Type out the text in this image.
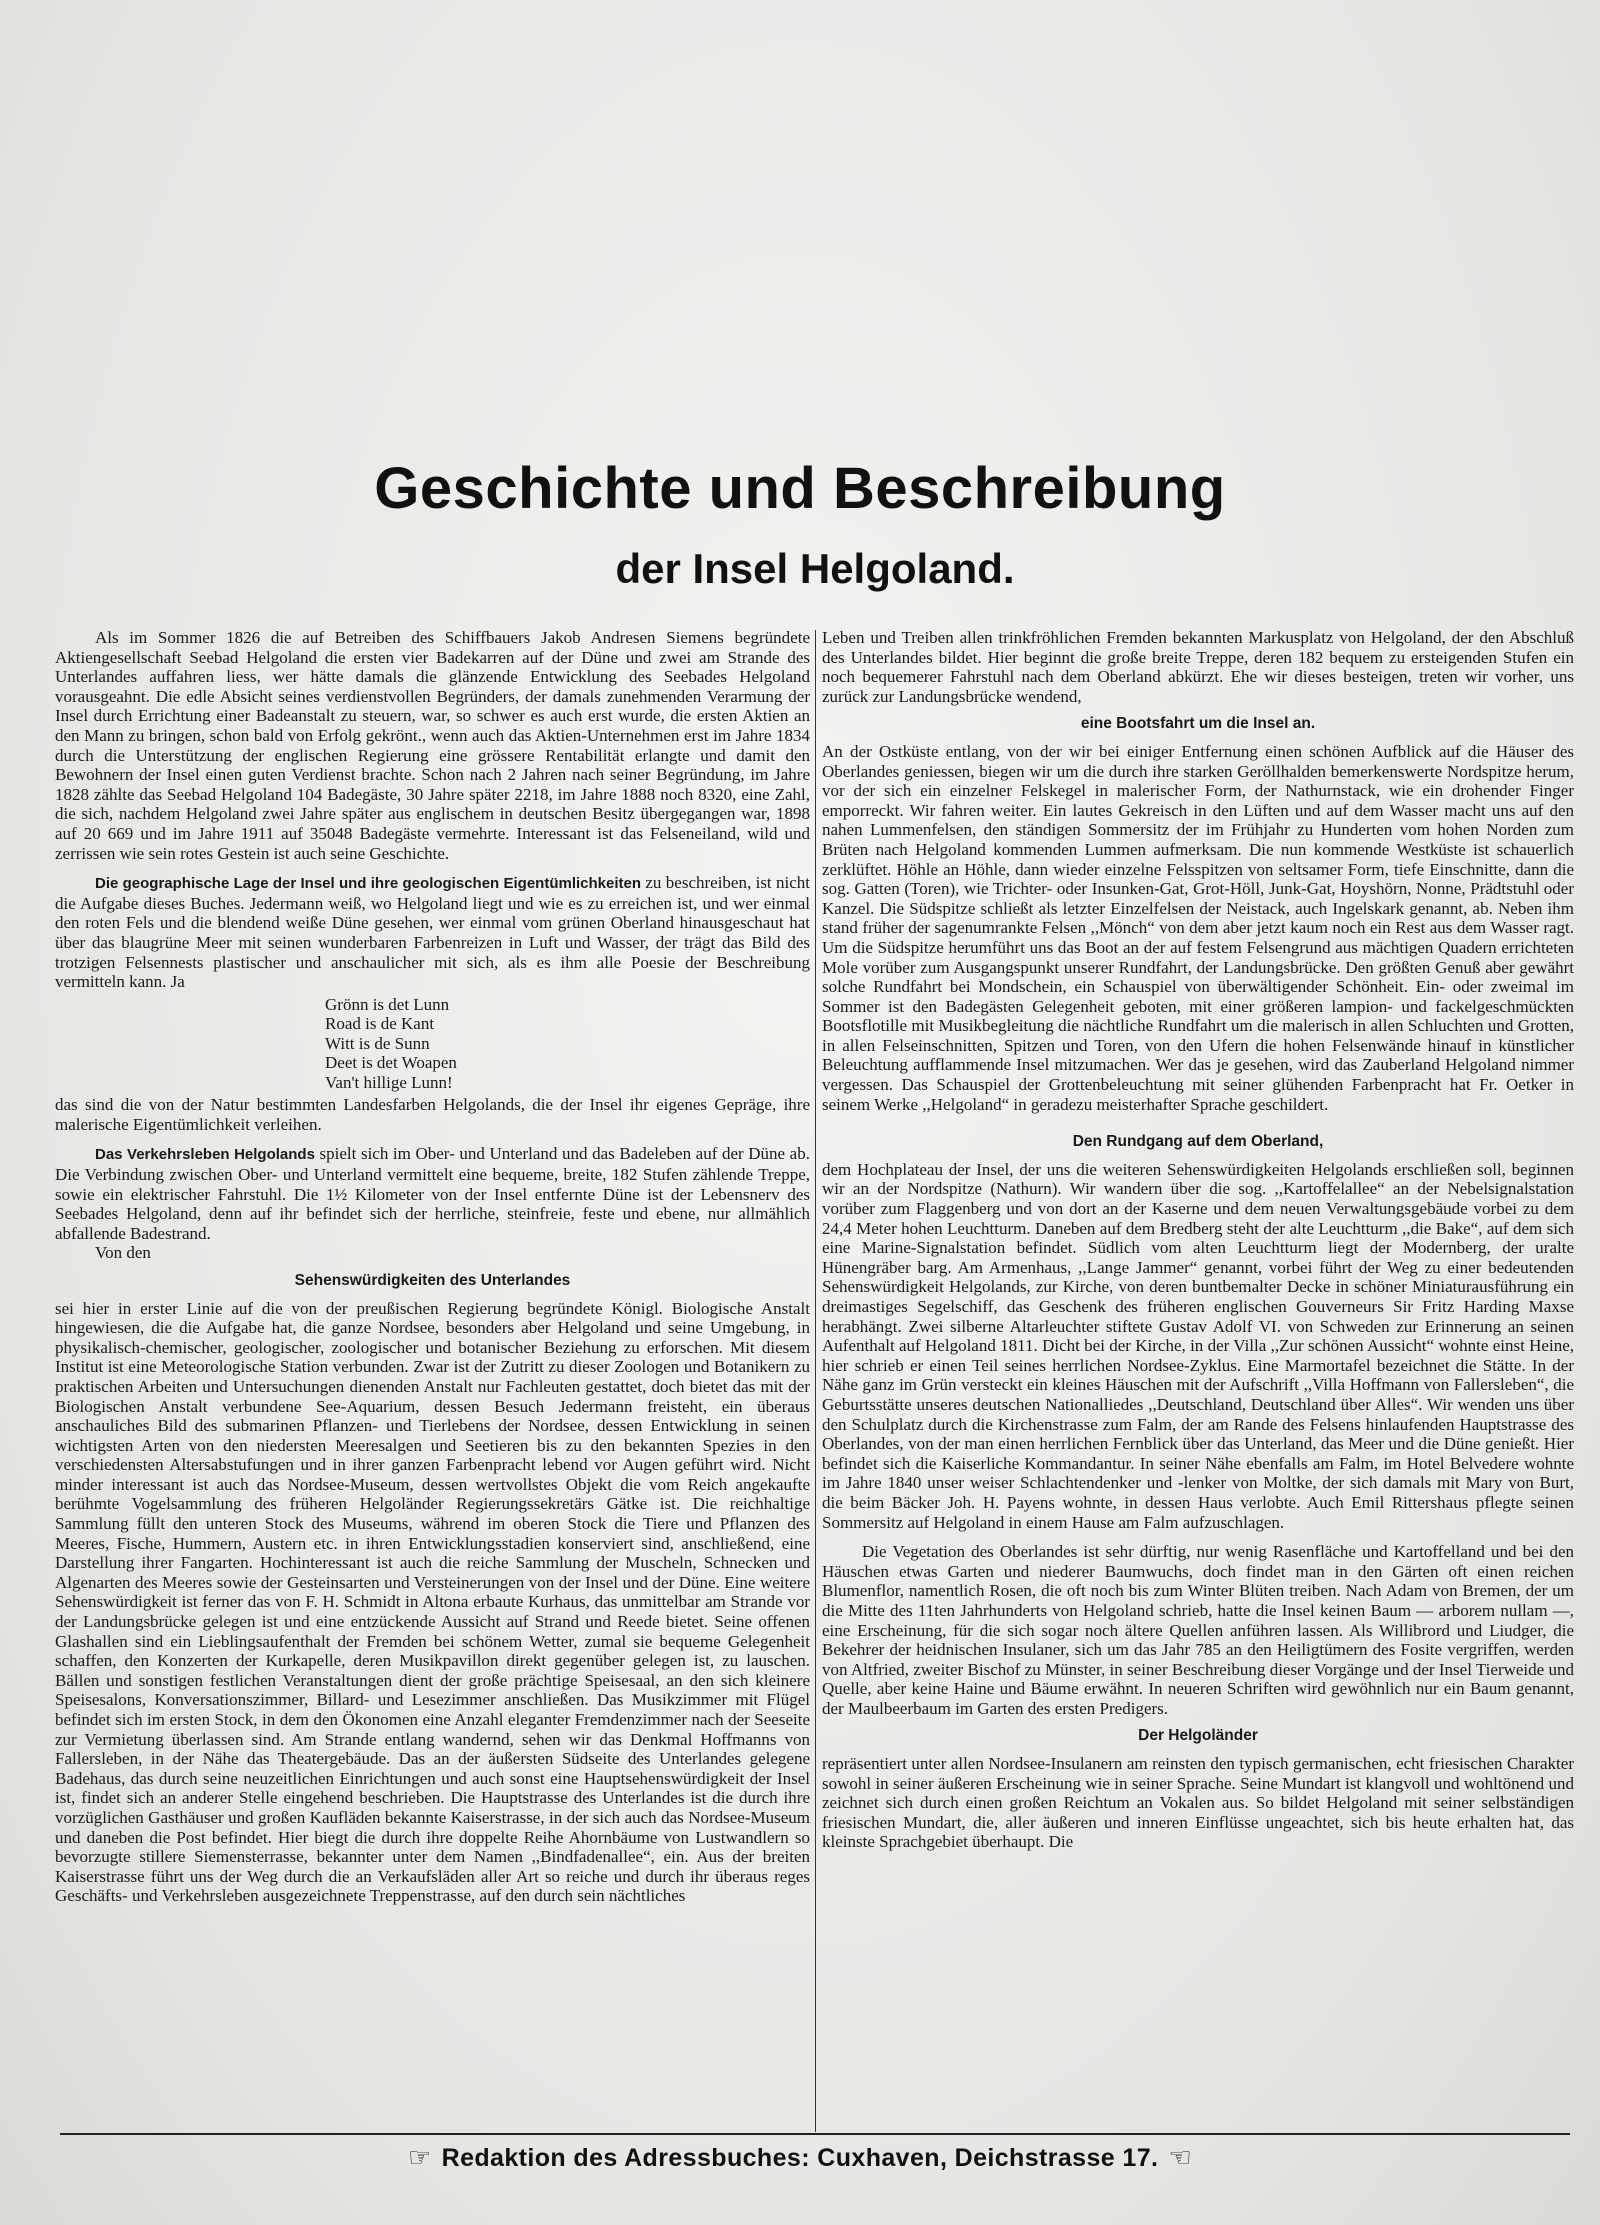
Geschichte und Beschreibung
der Insel Helgoland.

Als im Sommer 1826 die auf Betreiben des Schiffbauers Jakob Andresen Siemens begründete Aktiengesellschaft Seebad Helgoland die ersten vier Badekarren auf der Düne und zwei am Strande des Unterlandes auffahren liess, wer hätte damals die glänzende Entwicklung des Seebades Helgoland vorausgeahnt. Die edle Absicht seines verdienstvollen Begründers, der damals zunehmenden Verarmung der Insel durch Errichtung einer Badeanstalt zu steuern, war, so schwer es auch erst wurde, die ersten Aktien an den Mann zu bringen, schon bald von Erfolg gekrönt., wenn auch das Aktien-Unternehmen erst im Jahre 1834 durch die Unterstützung der englischen Regierung eine grössere Rentabilität erlangte und damit den Bewohnern der Insel einen guten Verdienst brachte. Schon nach 2 Jahren nach seiner Begründung, im Jahre 1828 zählte das Seebad Helgoland 104 Badegäste, 30 Jahre später 2218, im Jahre 1888 noch 8320, eine Zahl, die sich, nachdem Helgoland zwei Jahre später aus englischem in deutschen Besitz übergegangen war, 1898 auf 20 669 und im Jahre 1911 auf 35048 Badegäste vermehrte. Interessant ist das Felseneiland, wild und zerrissen wie sein rotes Gestein ist auch seine Geschichte.

Die geographische Lage der Insel und ihre geologischen Eigentümlichkeiten zu beschreiben, ist nicht die Aufgabe dieses Buches. Jedermann weiß, wo Helgoland liegt und wie es zu erreichen ist, und wer einmal den roten Fels und die blendend weiße Düne gesehen, wer einmal vom grünen Oberland hinausgeschaut hat über das blaugrüne Meer mit seinen wunderbaren Farbenreizen in Luft und Wasser, der trägt das Bild des trotzigen Felsennests plastischer und anschaulicher mit sich, als es ihm alle Poesie der Beschreibung vermitteln kann. Ja

Grönn is det Lunn
Road is de Kant
Witt is de Sunn
Deet is det Woapen
Van't hillige Lunn!

das sind die von der Natur bestimmten Landesfarben Helgolands, die der Insel ihr eigenes Gepräge, ihre malerische Eigentümlichkeit verleihen.

Das Verkehrsleben Helgolands spielt sich im Ober- und Unterland und das Badeleben auf der Düne ab. Die Verbindung zwischen Ober- und Unterland vermittelt eine bequeme, breite, 182 Stufen zählende Treppe, sowie ein elektrischer Fahrstuhl. Die 1½ Kilometer von der Insel entfernte Düne ist der Lebensnerv des Seebades Helgoland, denn auf ihr befindet sich der herrliche, steinfreie, feste und ebene, nur allmählich abfallende Badestrand.

Von den

Sehenswürdigkeiten des Unterlandes

sei hier in erster Linie auf die von der preußischen Regierung begründete Königl. Biologische Anstalt hingewiesen, die die Aufgabe hat, die ganze Nordsee, besonders aber Helgoland und seine Umgebung, in physikalisch-chemischer, geologischer, zoologischer und botanischer Beziehung zu erforschen. Mit diesem Institut ist eine Meteorologische Station verbunden. Zwar ist der Zutritt zu dieser Zoologen und Botanikern zu praktischen Arbeiten und Untersuchungen dienenden Anstalt nur Fachleuten gestattet, doch bietet das mit der Biologischen Anstalt verbundene See-Aquarium, dessen Besuch Jedermann freisteht, ein überaus anschauliches Bild des submarinen Pflanzen- und Tierlebens der Nordsee, dessen Entwicklung in seinen wichtigsten Arten von den niedersten Meeresalgen und Seetieren bis zu den bekannten Spezies in den verschiedensten Altersabstufungen und in ihrer ganzen Farbenpracht lebend vor Augen geführt wird. Nicht minder interessant ist auch das Nordsee-Museum, dessen wertvollstes Objekt die vom Reich angekaufte berühmte Vogelsammlung des früheren Helgoländer Regierungssekretärs Gätke ist. Die reichhaltige Sammlung füllt den unteren Stock des Museums, während im oberen Stock die Tiere und Pflanzen des Meeres, Fische, Hummern, Austern etc. in ihren Entwicklungsstadien konserviert sind, anschließend, eine Darstellung ihrer Fangarten. Hochinteressant ist auch die reiche Sammlung der Muscheln, Schnecken und Algenarten des Meeres sowie der Gesteinsarten und Versteinerungen von der Insel und der Düne. Eine weitere Sehenswürdigkeit ist ferner das von F. H. Schmidt in Altona erbaute Kurhaus, das unmittelbar am Strande vor der Landungsbrücke gelegen ist und eine entzückende Aussicht auf Strand und Reede bietet. Seine offenen Glashallen sind ein Lieblingsaufenthalt der Fremden bei schönem Wetter, zumal sie bequeme Gelegenheit schaffen, den Konzerten der Kurkapelle, deren Musikpavillon direkt gegenüber gelegen ist, zu lauschen. Bällen und sonstigen festlichen Veranstaltungen dient der große prächtige Speisesaal, an den sich kleinere Speisesalons, Konversationszimmer, Billard- und Lesezimmer anschließen. Das Musikzimmer mit Flügel befindet sich im ersten Stock, in dem den Ökonomen eine Anzahl eleganter Fremdenzimmer nach der Seeseite zur Vermietung überlassen sind. Am Strande entlang wandernd, sehen wir das Denkmal Hoffmanns von Fallersleben, in der Nähe das Theatergebäude. Das an der äußersten Südseite des Unterlandes gelegene Badehaus, das durch seine neuzeitlichen Einrichtungen und auch sonst eine Hauptsehenswürdigkeit der Insel ist, findet sich an anderer Stelle eingehend beschrieben. Die Hauptstrasse des Unterlandes ist die durch ihre vorzüglichen Gasthäuser und großen Kaufläden bekannte Kaiserstrasse, in der sich auch das Nordsee-Museum und daneben die Post befindet. Hier biegt die durch ihre doppelte Reihe Ahornbäume von Lustwandlern so bevorzugte stillere Siemensterrasse, bekannter unter dem Namen ,,Bindfadenallee“, ein. Aus der breiten Kaiserstrasse führt uns der Weg durch die an Verkaufsläden aller Art so reiche und durch ihr überaus reges Geschäfts- und Verkehrsleben ausgezeichnete Treppenstrasse, auf den durch sein nächtliches

Leben und Treiben allen trinkfröhlichen Fremden bekannten Markusplatz von Helgoland, der den Abschluß des Unterlandes bildet. Hier beginnt die große breite Treppe, deren 182 bequem zu ersteigenden Stufen ein noch bequemerer Fahrstuhl nach dem Oberland abkürzt. Ehe wir dieses besteigen, treten wir vorher, uns zurück zur Landungsbrücke wendend,

eine Bootsfahrt um die Insel an.

An der Ostküste entlang, von der wir bei einiger Entfernung einen schönen Aufblick auf die Häuser des Oberlandes geniessen, biegen wir um die durch ihre starken Geröllhalden bemerkenswerte Nordspitze herum, vor der sich ein einzelner Felskegel in malerischer Form, der Nathurnstack, wie ein drohender Finger emporreckt. Wir fahren weiter. Ein lautes Gekreisch in den Lüften und auf dem Wasser macht uns auf den nahen Lummenfelsen, den ständigen Sommersitz der im Frühjahr zu Hunderten vom hohen Norden zum Brüten nach Helgoland kommenden Lummen aufmerksam. Die nun kommende Westküste ist schauerlich zerklüftet. Höhle an Höhle, dann wieder einzelne Felsspitzen von seltsamer Form, tiefe Einschnitte, dann die sog. Gatten (Toren), wie Trichter- oder Insunken-Gat, Grot-Höll, Junk-Gat, Hoyshörn, Nonne, Prädtstuhl oder Kanzel. Die Südspitze schließt als letzter Einzelfelsen der Neistack, auch Ingelskark genannt, ab. Neben ihm stand früher der sagenumrankte Felsen ,,Mönch“ von dem aber jetzt kaum noch ein Rest aus dem Wasser ragt. Um die Südspitze herumführt uns das Boot an der auf festem Felsengrund aus mächtigen Quadern errichteten Mole vorüber zum Ausgangspunkt unserer Rundfahrt, der Landungsbrücke. Den größten Genuß aber gewährt solche Rundfahrt bei Mondschein, ein Schauspiel von überwältigender Schönheit. Ein- oder zweimal im Sommer ist den Badegästen Gelegenheit geboten, mit einer größeren lampion- und fackelgeschmückten Bootsflotille mit Musikbegleitung die nächtliche Rundfahrt um die malerisch in allen Schluchten und Grotten, in allen Felseinschnitten, Spitzen und Toren, von den Ufern die hohen Felsenwände hinauf in künstlicher Beleuchtung aufflammende Insel mitzumachen. Wer das je gesehen, wird das Zauberland Helgoland nimmer vergessen. Das Schauspiel der Grottenbeleuchtung mit seiner glühenden Farbenpracht hat Fr. Oetker in seinem Werke ,,Helgoland“ in geradezu meisterhafter Sprache geschildert.

Den Rundgang auf dem Oberland,

dem Hochplateau der Insel, der uns die weiteren Sehenswürdigkeiten Helgolands erschließen soll, beginnen wir an der Nordspitze (Nathurn). Wir wandern über die sog. ,,Kartoffelallee“ an der Nebelsignalstation vorüber zum Flaggenberg und von dort an der Kaserne und dem neuen Verwaltungsgebäude vorbei zu dem 24,4 Meter hohen Leuchtturm. Daneben auf dem Bredberg steht der alte Leuchtturm ,,die Bake“, auf dem sich eine Marine-Signalstation befindet. Südlich vom alten Leuchtturm liegt der Modernberg, der uralte Hünengräber barg. Am Armenhaus, ,,Lange Jammer“ genannt, vorbei führt der Weg zu einer bedeutenden Sehenswürdigkeit Helgolands, zur Kirche, von deren buntbemalter Decke in schöner Miniaturausführung ein dreimastiges Segelschiff, das Geschenk des früheren englischen Gouverneurs Sir Fritz Harding Maxse herabhängt. Zwei silberne Altarleuchter stiftete Gustav Adolf VI. von Schweden zur Erinnerung an seinen Aufenthalt auf Helgoland 1811. Dicht bei der Kirche, in der Villa ,,Zur schönen Aussicht“ wohnte einst Heine, hier schrieb er einen Teil seines herrlichen Nordsee-Zyklus. Eine Marmortafel bezeichnet die Stätte. In der Nähe ganz im Grün versteckt ein kleines Häuschen mit der Aufschrift ,,Villa Hoffmann von Fallersleben“, die Geburtsstätte unseres deutschen Nationalliedes ,,Deutschland, Deutschland über Alles“. Wir wenden uns über den Schulplatz durch die Kirchenstrasse zum Falm, der am Rande des Felsens hinlaufenden Hauptstrasse des Oberlandes, von der man einen herrlichen Fernblick über das Unterland, das Meer und die Düne genießt. Hier befindet sich die Kaiserliche Kommandantur. In seiner Nähe ebenfalls am Falm, im Hotel Belvedere wohnte im Jahre 1840 unser weiser Schlachtendenker und -lenker von Moltke, der sich damals mit Mary von Burt, die beim Bäcker Joh. H. Payens wohnte, in dessen Haus verlobte. Auch Emil Rittershaus pflegte seinen Sommersitz auf Helgoland in einem Hause am Falm aufzuschlagen.

Die Vegetation des Oberlandes ist sehr dürftig, nur wenig Rasenfläche und Kartoffelland und bei den Häuschen etwas Garten und niederer Baumwuchs, doch findet man in den Gärten oft einen reichen Blumenflor, namentlich Rosen, die oft noch bis zum Winter Blüten treiben. Nach Adam von Bremen, der um die Mitte des 11ten Jahrhunderts von Helgoland schrieb, hatte die Insel keinen Baum — arborem nullam —, eine Erscheinung, für die sich sogar noch ältere Quellen anführen lassen. Als Willibrord und Liudger, die Bekehrer der heidnischen Insulaner, sich um das Jahr 785 an den Heiligtümern des Fosite vergriffen, werden von Altfried, zweiter Bischof zu Münster, in seiner Beschreibung dieser Vorgänge und der Insel Tierweide und Quelle, aber keine Haine und Bäume erwähnt. In neueren Schriften wird gewöhnlich nur ein Baum genannt, der Maulbeerbaum im Garten des ersten Predigers.

Der Helgoländer

repräsentiert unter allen Nordsee-Insulanern am reinsten den typisch germanischen, echt friesischen Charakter sowohl in seiner äußeren Erscheinung wie in seiner Sprache. Seine Mundart ist klangvoll und wohltönend und zeichnet sich durch einen großen Reichtum an Vokalen aus. So bildet Helgoland mit seiner selbständigen friesischen Mundart, die, aller äußeren und inneren Einflüsse ungeachtet, sich bis heute erhalten hat, das kleinste Sprachgebiet überhaupt. Die

☞ Redaktion des Adressbuches: Cuxhaven, Deichstrasse 17. ☜
